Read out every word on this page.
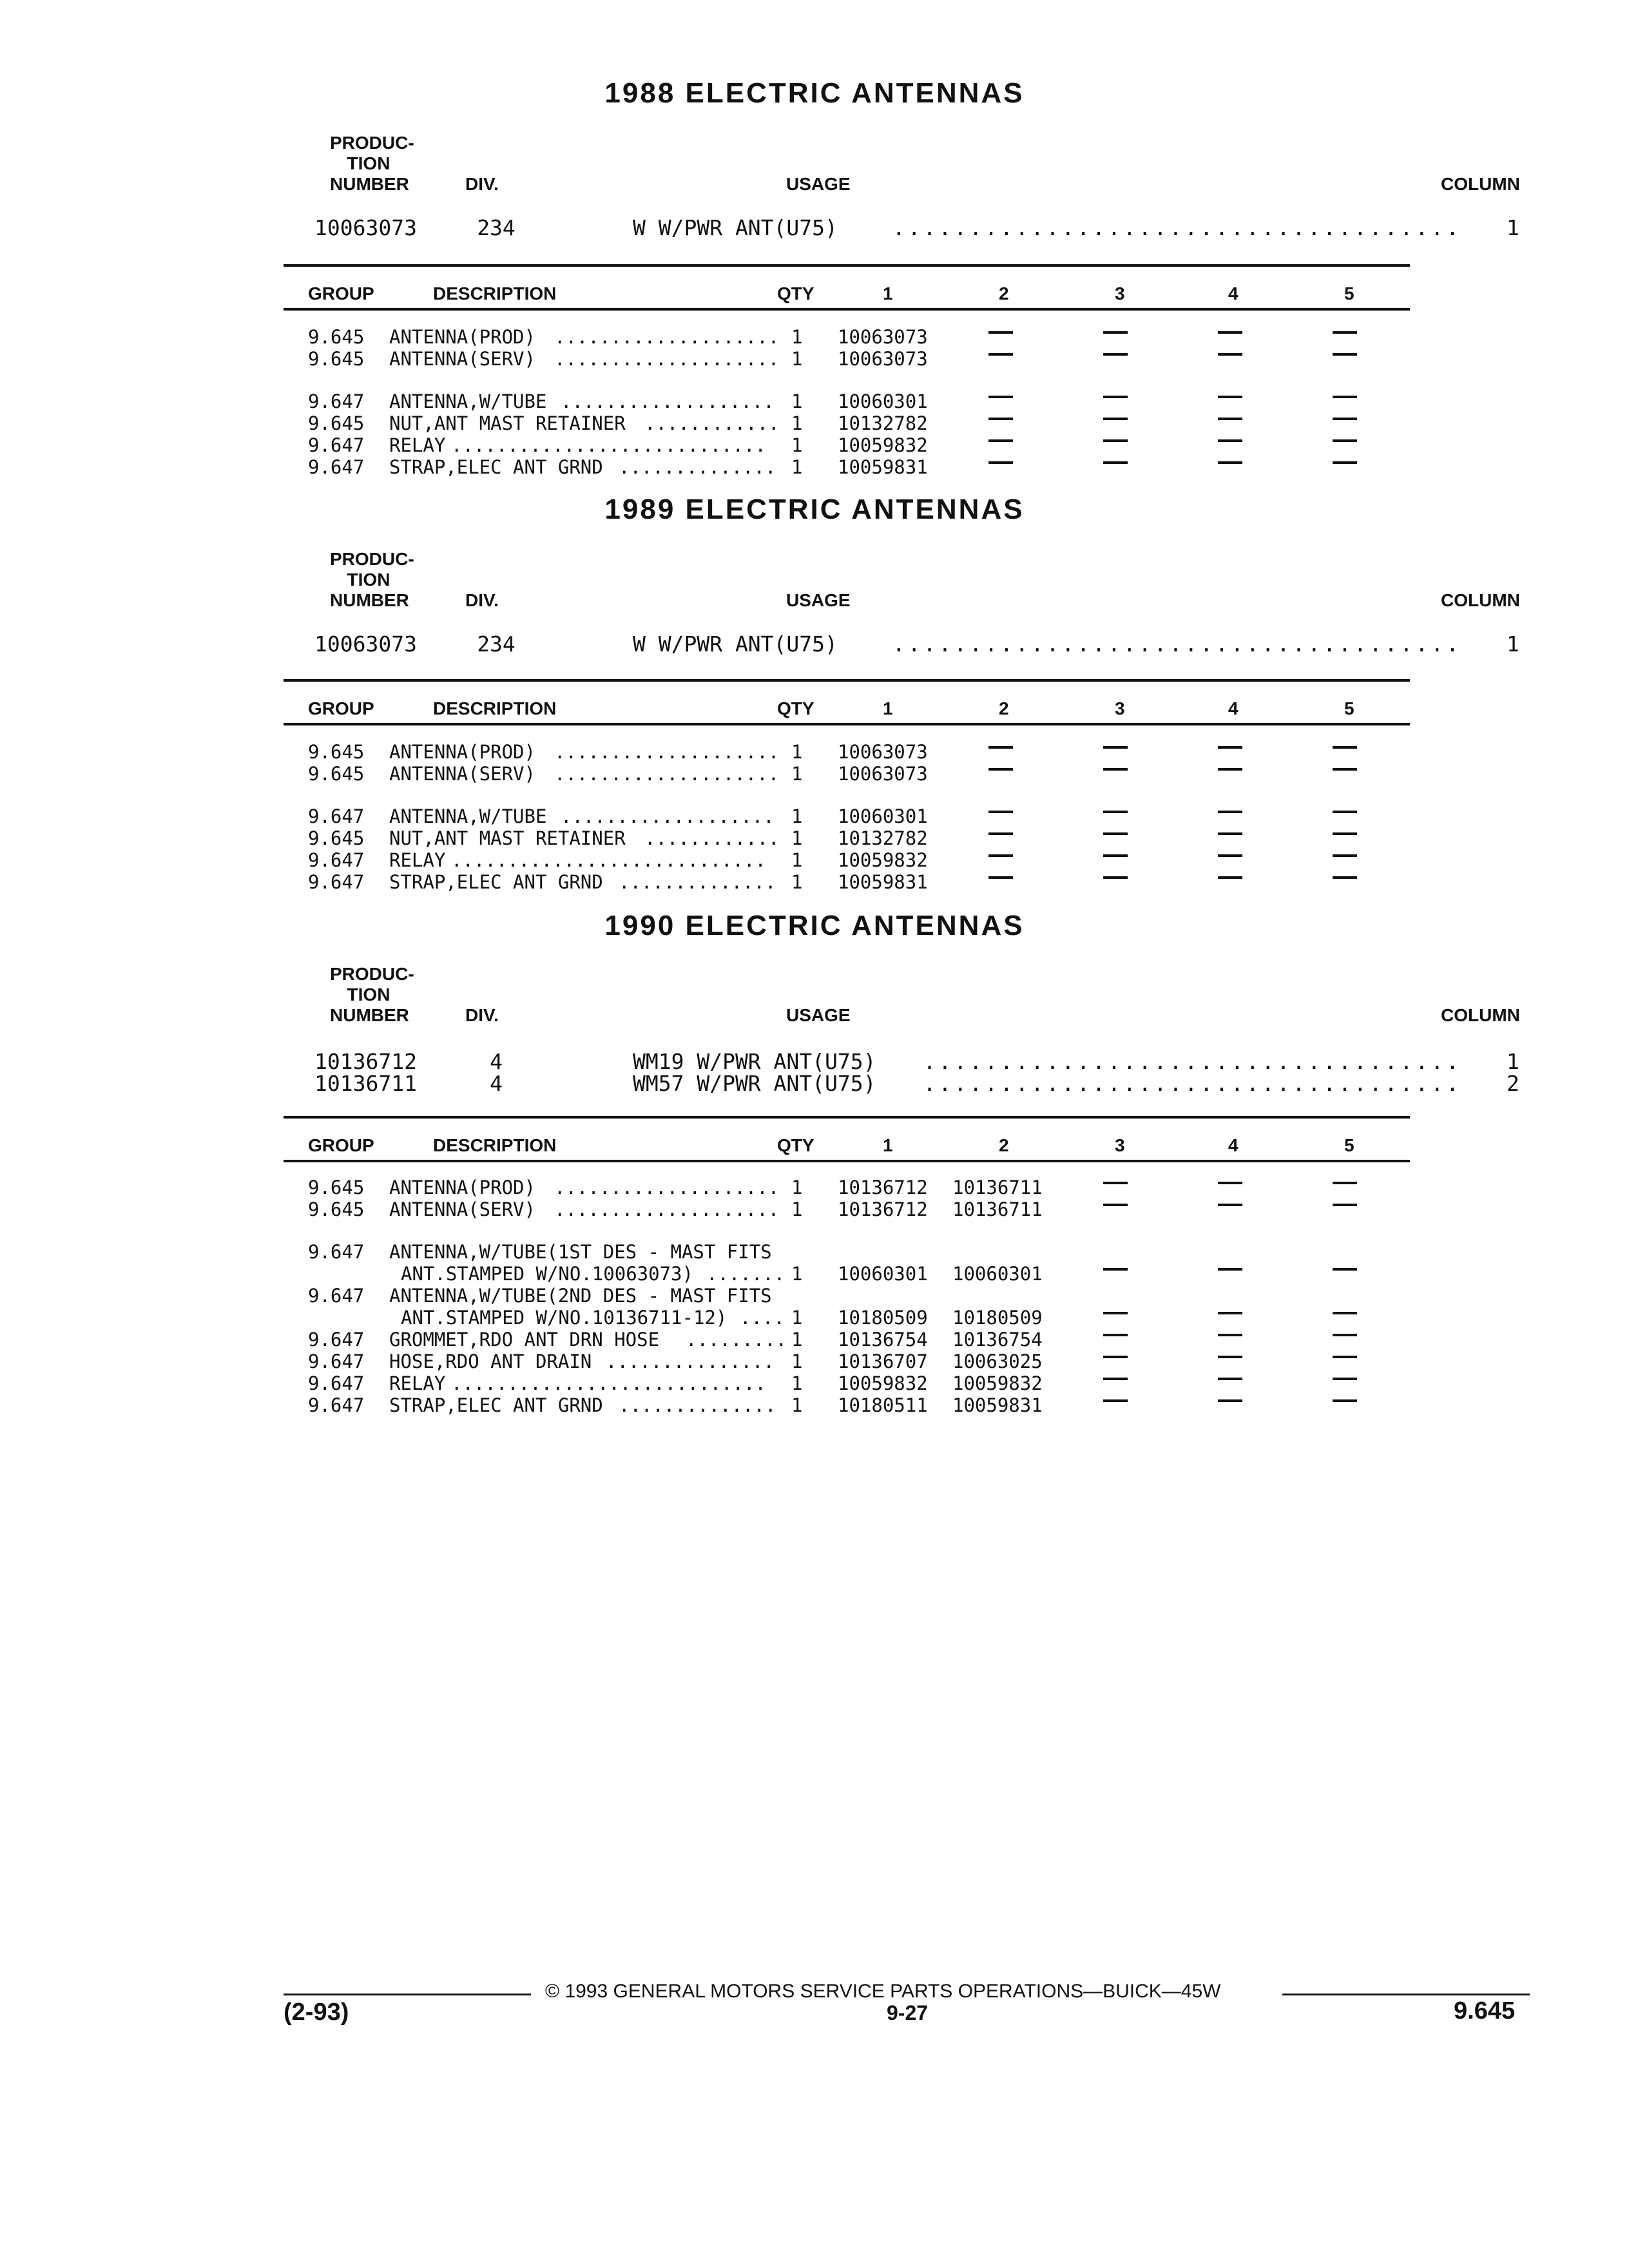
1988 ELECTRIC ANTENNAS
PRODUC-
TION
NUMBER	DIV.	USAGE	COLUMN
10063073	234	W W/PWR ANT(U75)	..................................... 1
GROUP	DESCRIPTION	QTY	1	2	3	4	5
9.645 ANTENNA(PROD) .................... 1 10063073
9.645 ANTENNA(SERV) .................... 1 10063073
9.647 ANTENNA,W/TUBE ................... 1 10060301
9.645 NUT,ANT MAST RETAINER ............ 1 10132782
9.647 RELAY ............................ 1 10059832
9.647 STRAP,ELEC ANT GRND .............. 1 10059831
1989 ELECTRIC ANTENNAS
PRODUC-
TION
NUMBER	DIV.	USAGE	COLUMN
10063073	234	W W/PWR ANT(U75)	..................................... 1
GROUP	DESCRIPTION	QTY	1	2	3	4	5
9.645 ANTENNA(PROD) .................... 1 10063073
9.645 ANTENNA(SERV) .................... 1 10063073
9.647 ANTENNA,W/TUBE ................... 1 10060301
9.645 NUT,ANT MAST RETAINER ............ 1 10132782
9.647 RELAY ............................ 1 10059832
9.647 STRAP,ELEC ANT GRND .............. 1 10059831
1990 ELECTRIC ANTENNAS
PRODUC-
TION
NUMBER	DIV.	USAGE	COLUMN
10136712	4	WM19 W/PWR ANT(U75) ................................... 1
10136711	4	WM57 W/PWR ANT(U75) ................................... 2
GROUP	DESCRIPTION	QTY	1	2	3	4	5
9.645 ANTENNA(PROD) .................... 1 10136712 10136711
9.645 ANTENNA(SERV) .................... 1 10136712 10136711
9.647 ANTENNA,W/TUBE(1ST DES - MAST FITS
ANT.STAMPED W/NO.10063073) ....... 1 10060301 10060301
9.647 ANTENNA,W/TUBE(2ND DES - MAST FITS
ANT.STAMPED W/NO.10136711-12) .... 1 10180509 10180509
9.647 GROMMET,RDO ANT DRN HOSE ......... 1 10136754 10136754
9.647 HOSE,RDO ANT DRAIN ............... 1 10136707 10063025
9.647 RELAY ............................ 1 10059832 10059832
9.647 STRAP,ELEC ANT GRND .............. 1 10180511 10059831
© 1993 GENERAL MOTORS SERVICE PARTS OPERATIONS—BUICK—45W
(2-93)	9-27	9.645
